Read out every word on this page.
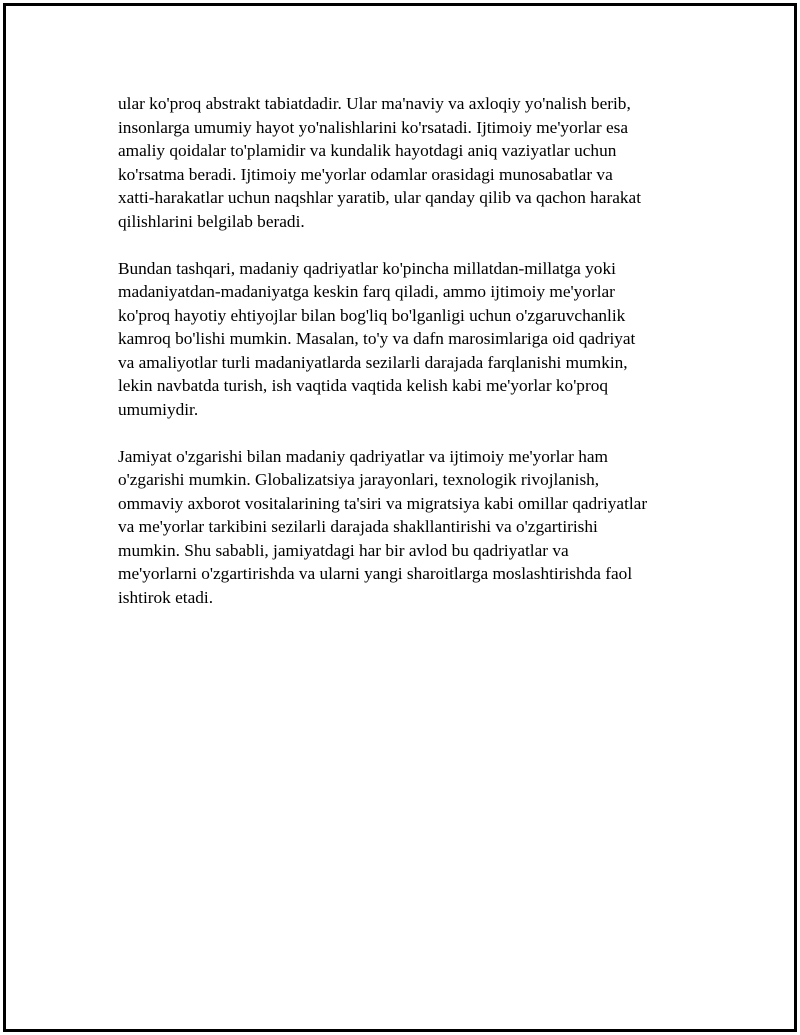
ular ko'proq abstrakt tabiatdadir. Ular ma'naviy va axloqiy yo'nalish berib,
insonlarga umumiy hayot yo'nalishlarini ko'rsatadi. Ijtimoiy me'yorlar esa
amaliy qoidalar to'plamidir va kundalik hayotdagi aniq vaziyatlar uchun
ko'rsatma beradi. Ijtimoiy me'yorlar odamlar orasidagi munosabatlar va
xatti-harakatlar uchun naqshlar yaratib, ular qanday qilib va qachon harakat
qilishlarini belgilab beradi.

Bundan tashqari, madaniy qadriyatlar ko'pincha millatdan-millatga yoki
madaniyatdan-madaniyatga keskin farq qiladi, ammo ijtimoiy me'yorlar
ko'proq hayotiy ehtiyojlar bilan bog'liq bo'lganligi uchun o'zgaruvchanlik
kamroq bo'lishi mumkin. Masalan, to'y va dafn marosimlariga oid qadriyat
va amaliyotlar turli madaniyatlarda sezilarli darajada farqlanishi mumkin,
lekin navbatda turish, ish vaqtida vaqtida kelish kabi me'yorlar ko'proq
umumiydir.

Jamiyat o'zgarishi bilan madaniy qadriyatlar va ijtimoiy me'yorlar ham
o'zgarishi mumkin. Globalizatsiya jarayonlari, texnologik rivojlanish,
ommaviy axborot vositalarining ta'siri va migratsiya kabi omillar qadriyatlar
va me'yorlar tarkibini sezilarli darajada shakllantirishi va o'zgartirishi
mumkin. Shu sababli, jamiyatdagi har bir avlod bu qadriyatlar va
me'yorlarni o'zgartirishda va ularni yangi sharoitlarga moslashtirishda faol
ishtirok etadi.
